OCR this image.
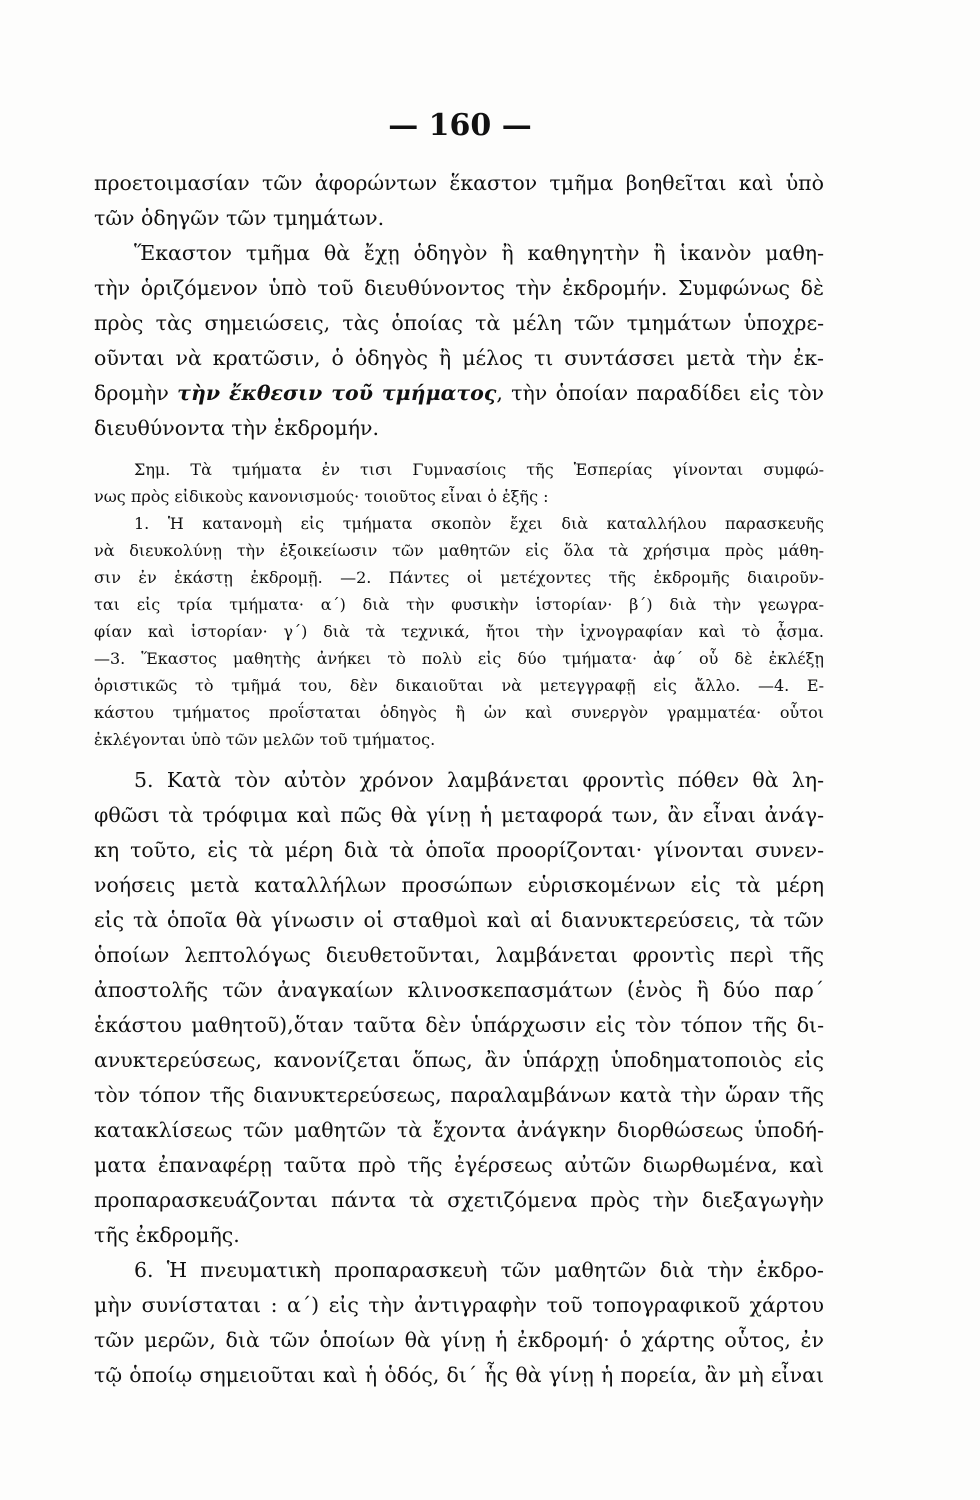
— 160 —
προετοιμασίαν τῶν ἀφορώντων ἕκαστον τμῆμα βοηθεῖται καὶ ὑπὸ
τῶν ὁδηγῶν τῶν τμημάτων.
Ἕκαστον τμῆμα θὰ ἔχῃ ὁδηγὸν ἢ καθηγητὴν ἢ ἱκανὸν μαθη-
τὴν ὁριζόμενον ὑπὸ τοῦ διευθύνοντος τὴν ἐκδρομήν. Συμφώνως δὲ
πρὸς τὰς σημειώσεις, τὰς ὁποίας τὰ μέλη τῶν τμημάτων ὑποχρε-
οῦνται νὰ κρατῶσιν, ὁ ὁδηγὸς ἢ μέλος τι συντάσσει μετὰ τὴν ἐκ-
δρομὴν τὴν ἔκθεσιν τοῦ τμήματος, τὴν ὁποίαν παραδίδει εἰς τὸν
διευθύνοντα τὴν ἐκδρομήν.
Σημ. Τὰ τμήματα ἐν τισι Γυμνασίοις τῆς Ἑσπερίας γίνονται συμφώ-
νως πρὸς εἰδικοὺς κανονισμούς· τοιοῦτος εἶναι ὁ ἑξῆς :
1. Ἡ κατανομὴ εἰς τμήματα σκοπὸν ἔχει διὰ καταλλήλου παρασκευῆς
νὰ διευκολύνῃ τὴν ἐξοικείωσιν τῶν μαθητῶν εἰς ὅλα τὰ χρήσιμα πρὸς μάθη-
σιν ἐν ἑκάστῃ ἐκδρομῇ. —2. Πάντες οἱ μετέχοντες τῆς ἐκδρομῆς διαιροῦν-
ται εἰς τρία τμήματα· α΄) διὰ τὴν φυσικὴν ἱστορίαν· β΄) διὰ τὴν γεωγρα-
φίαν καὶ ἱστορίαν· γ΄) διὰ τὰ τεχνικά, ἤτοι τὴν ἰχνογραφίαν καὶ τὸ ᾆσμα.
—3. Ἕκαστος μαθητὴς ἀνήκει τὸ πολὺ εἰς δύο τμήματα· ἀφ΄ οὗ δὲ ἐκλέξῃ
ὁριστικῶς τὸ τμῆμά του, δὲν δικαιοῦται νὰ μετεγγραφῇ εἰς ἄλλο. —4. Ε-
κάστου τμήματος προΐσταται ὁδηγὸς ἢ ὡν καὶ συνεργὸν γραμματέα· οὗτοι
ἐκλέγονται ὑπὸ τῶν μελῶν τοῦ τμήματος.
5. Κατὰ τὸν αὐτὸν χρόνον λαμβάνεται φροντὶς πόθεν θὰ λη-
φθῶσι τὰ τρόφιμα καὶ πῶς θὰ γίνῃ ἡ μεταφορά των, ἂν εἶναι ἀνάγ-
κη τοῦτο, εἰς τὰ μέρη διὰ τὰ ὁποῖα προορίζονται· γίνονται συνεν-
νοήσεις μετὰ καταλλήλων προσώπων εὑρισκομένων εἰς τὰ μέρη
εἰς τὰ ὁποῖα θὰ γίνωσιν οἱ σταθμοὶ καὶ αἱ διανυκτερεύσεις, τὰ τῶν
ὁποίων λεπτολόγως διευθετοῦνται, λαμβάνεται φροντὶς περὶ τῆς
ἀποστολῆς τῶν ἀναγκαίων κλινοσκεπασμάτων (ἑνὸς ἢ δύο παρ΄
ἑκάστου μαθητοῦ),ὅταν ταῦτα δὲν ὑπάρχωσιν εἰς τὸν τόπον τῆς δι-
ανυκτερεύσεως, κανονίζεται ὅπως, ἂν ὑπάρχῃ ὑποδηματοποιὸς εἰς
τὸν τόπον τῆς διανυκτερεύσεως, παραλαμβάνων κατὰ τὴν ὥραν τῆς
κατακλίσεως τῶν μαθητῶν τὰ ἔχοντα ἀνάγκην διορθώσεως ὑποδή-
ματα ἐπαναφέρῃ ταῦτα πρὸ τῆς ἐγέρσεως αὐτῶν διωρθωμένα, καὶ
προπαρασκευάζονται πάντα τὰ σχετιζόμενα πρὸς τὴν διεξαγωγὴν
τῆς ἐκδρομῆς.
6. Ἡ πνευματικὴ προπαρασκευὴ τῶν μαθητῶν διὰ τὴν ἐκδρο-
μὴν συνίσταται : α΄) εἰς τὴν ἀντιγραφὴν τοῦ τοπογραφικοῦ χάρτου
τῶν μερῶν, διὰ τῶν ὁποίων θὰ γίνῃ ἡ ἐκδρομή· ὁ χάρτης οὗτος, ἐν
τῷ ὁποίῳ σημειοῦται καὶ ἡ ὁδός, δι΄ ἧς θὰ γίνῃ ἡ πορεία, ἂν μὴ εἶναι
